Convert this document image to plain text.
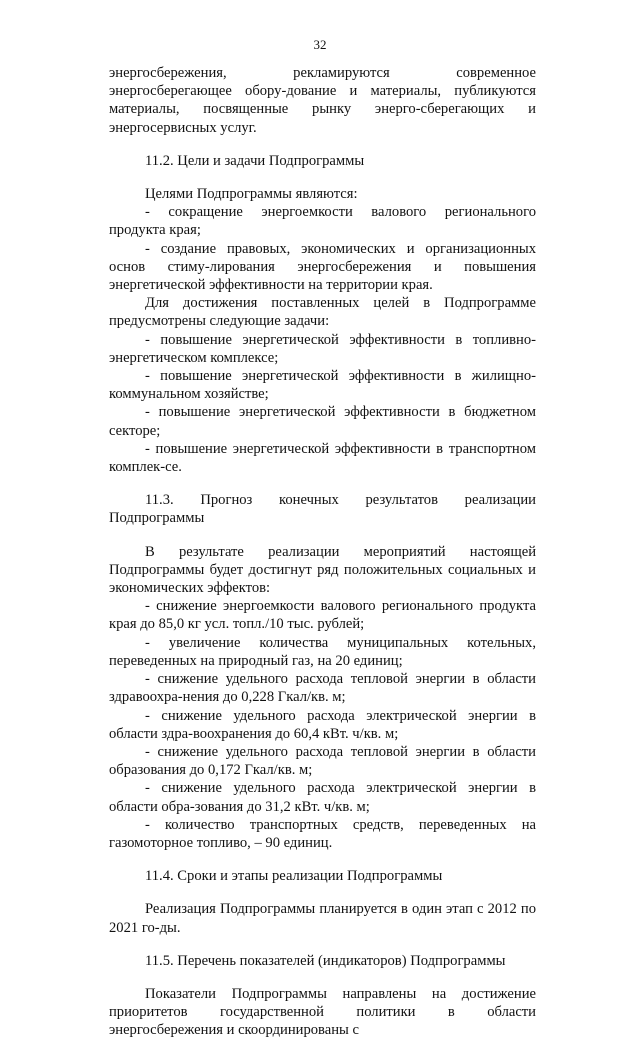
32

энергосбережения, рекламируются современное энергосберегающее обору-дование и материалы, публикуются материалы, посвященные рынку энерго-сберегающих и энергосервисных услуг.

11.2. Цели и задачи Подпрограммы

Целями Подпрограммы являются:

- сокращение энергоемкости валового регионального продукта края;

- создание правовых, экономических и организационных основ стиму-лирования энергосбережения и повышения энергетической эффективности на территории края.

Для достижения поставленных целей в Подпрограмме предусмотрены следующие задачи:

- повышение энергетической эффективности в топливно-энергетическом комплексе;

- повышение энергетической эффективности в жилищно-коммунальном хозяйстве;

- повышение энергетической эффективности в бюджетном секторе;

- повышение энергетической эффективности в транспортном комплек-се.

11.3. Прогноз конечных результатов реализации Подпрограммы

В результате реализации мероприятий настоящей Подпрограммы будет достигнут ряд положительных социальных и экономических эффектов:

- снижение энергоемкости валового регионального продукта края до 85,0 кг усл. топл./10 тыс. рублей;

- увеличение количества муниципальных котельных, переведенных на природный газ, на 20 единиц;

- снижение удельного расхода тепловой энергии в области здравоохра-нения до 0,228 Гкал/кв. м;

- снижение удельного расхода электрической энергии в области здра-воохранения до 60,4 кВт. ч/кв. м;

- снижение удельного расхода тепловой энергии в области образования до 0,172 Гкал/кв. м;

- снижение удельного расхода электрической энергии в области обра-зования до 31,2 кВт. ч/кв. м;

- количество транспортных средств, переведенных на газомоторное топливо, – 90 единиц.

11.4. Сроки и этапы реализации Подпрограммы

Реализация Подпрограммы планируется в один этап с 2012 по 2021 го-ды.

11.5. Перечень показателей (индикаторов) Подпрограммы

Показатели Подпрограммы направлены на достижение приоритетов государственной политики в области энергосбережения и скоординированы с
